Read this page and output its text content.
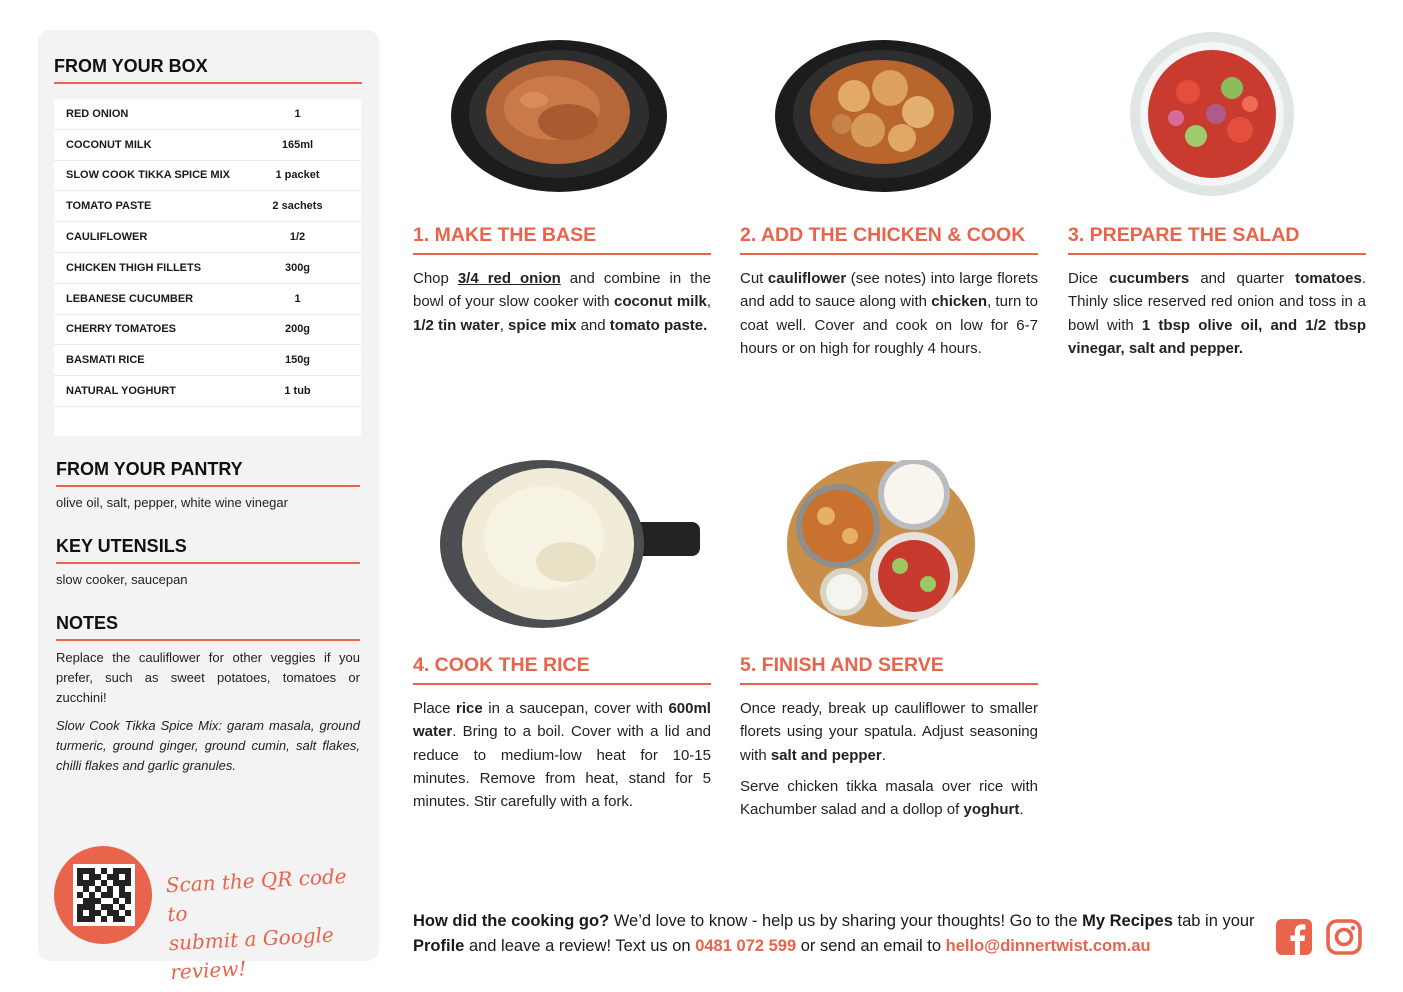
FROM YOUR BOX
RED ONION	1
COCONUT MILK	165ml
SLOW COOK TIKKA SPICE MIX	1 packet
TOMATO PASTE	2 sachets
CAULIFLOWER	1/2
CHICKEN THIGH FILLETS	300g
LEBANESE CUCUMBER	1
CHERRY TOMATOES	200g
BASMATI RICE	150g
NATURAL YOGHURT	1 tub
FROM YOUR PANTRY
olive oil, salt, pepper, white wine vinegar
KEY UTENSILS
slow cooker, saucepan
NOTES
Replace the cauliflower for other veggies if you prefer, such as sweet potatoes, tomatoes or zucchini!
Slow Cook Tikka Spice Mix: garam masala, ground turmeric, ground ginger, ground cumin, salt flakes, chilli flakes and garlic granules.
Scan the QR code to
submit a Google review!
1. MAKE THE BASE
Chop 3/4 red onion and combine in the bowl of your slow cooker with coconut milk, 1/2 tin water, spice mix and tomato paste.
2. ADD THE CHICKEN & COOK
Cut cauliflower (see notes) into large florets and add to sauce along with chicken, turn to coat well. Cover and cook on low for 6-7 hours or on high for roughly 4 hours.
3. PREPARE THE SALAD
Dice cucumbers and quarter tomatoes. Thinly slice reserved red onion and toss in a bowl with 1 tbsp olive oil, and 1/2 tbsp vinegar, salt and pepper.
4. COOK THE RICE
Place rice in a saucepan, cover with 600ml water. Bring to a boil. Cover with a lid and reduce to medium-low heat for 10-15 minutes. Remove from heat, stand for 5 minutes. Stir carefully with a fork.
5. FINISH AND SERVE

Once ready, break up cauliflower to smaller florets using your spatula. Adjust seasoning with salt and pepper.

Serve chicken tikka masala over rice with Kachumber salad and a dollop of yoghurt.

How did the cooking go? We’d love to know - help us by sharing your thoughts! Go to the My Recipes tab in your Profile and leave a review! Text us on 0481 072 599 or send an email to hello@dinnertwist.com.au
